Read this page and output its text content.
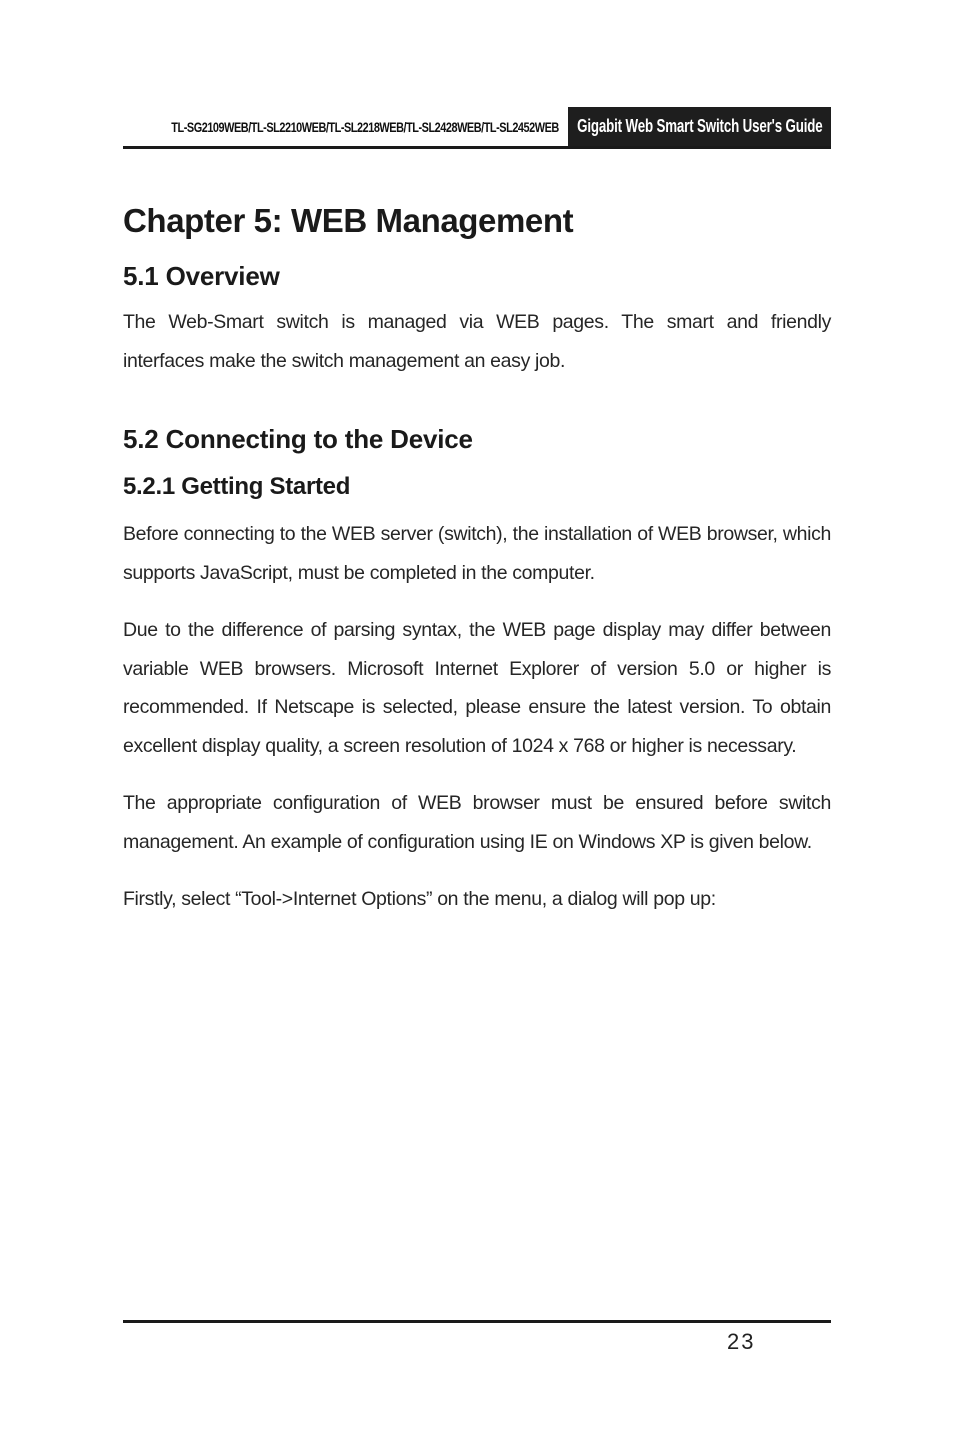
TL-SG2109WEB/TL-SL2210WEB/TL-SL2218WEB/TL-SL2428WEB/TL-SL2452WEB Gigabit Web Smart Switch User's Guide
Chapter 5: WEB Management
5.1 Overview

The Web-Smart switch is managed via WEB pages. The smart and friendly interfaces make the switch management an easy job.

5.2 Connecting to the Device
5.2.1 Getting Started

Before connecting to the WEB server (switch), the installation of WEB browser, which supports JavaScript, must be completed in the computer.

Due to the difference of parsing syntax, the WEB page display may differ between variable WEB browsers. Microsoft Internet Explorer of version 5.0 or higher is recommended. If Netscape is selected, please ensure the latest version. To obtain excellent display quality, a screen resolution of 1024 x 768 or higher is necessary.

The appropriate configuration of WEB browser must be ensured before switch management. An example of configuration using IE on Windows XP is given below.

Firstly, select “Tool->Internet Options” on the menu, a dialog will pop up:

23
